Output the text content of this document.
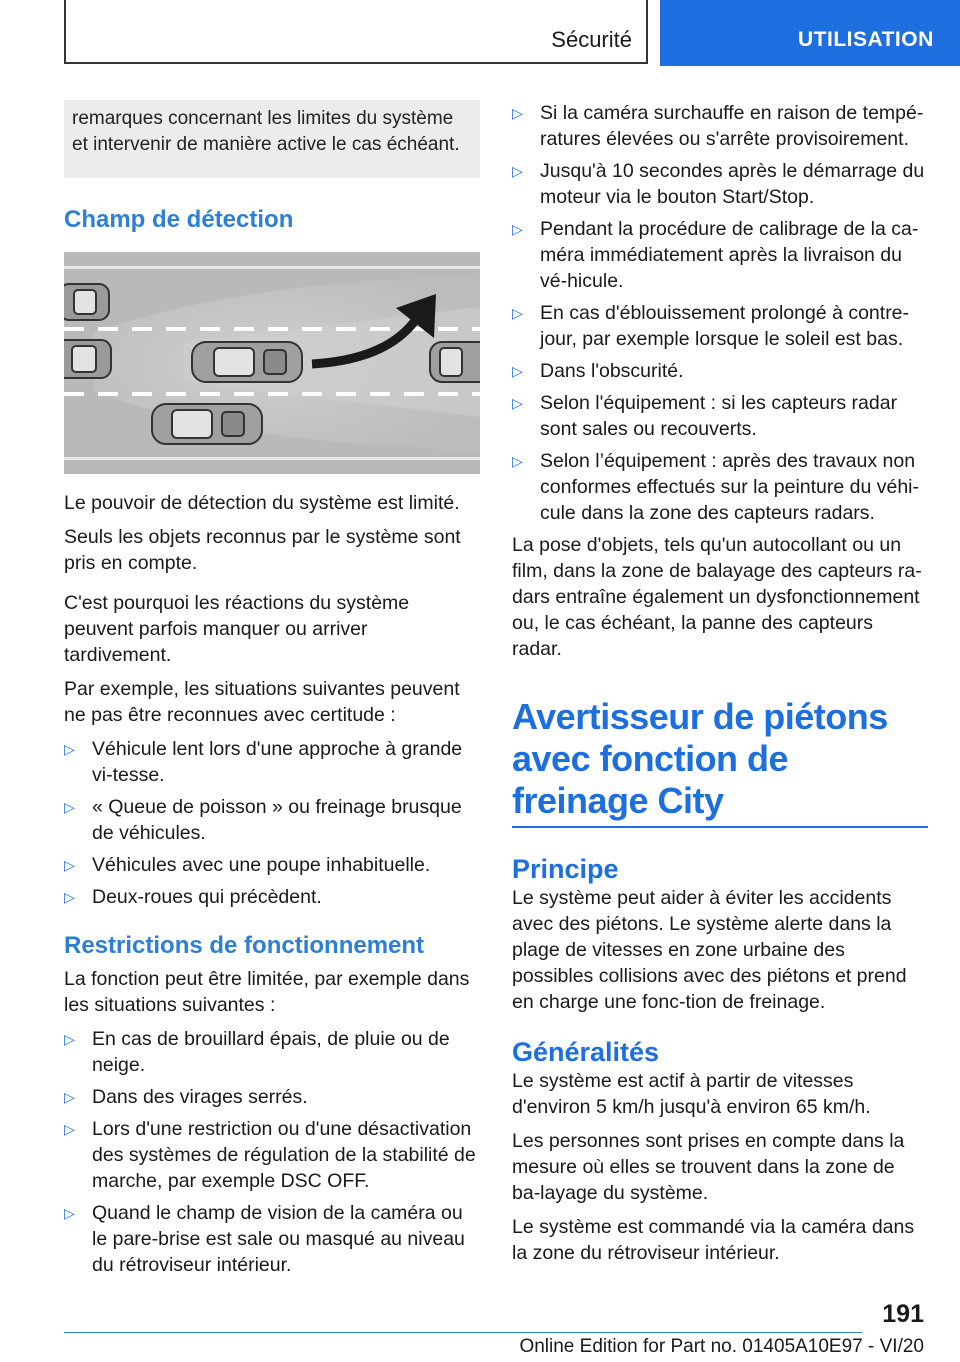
Sécurité	UTILISATION
remarques concernant les limites du système et intervenir de manière active le cas échéant.
Champ de détection

Le pouvoir de détection du système est limité.

Seuls les objets reconnus par le système sont pris en compte.

C'est pourquoi les réactions du système peuvent parfois manquer ou arriver tardivement.

Par exemple, les situations suivantes peuvent ne pas être reconnues avec certitude :

▷ Véhicule lent lors d'une approche à grande vi‐tesse.
▷ « Queue de poisson » ou freinage brusque de véhicules.
▷ Véhicules avec une poupe inhabituelle.
▷ Deux-roues qui précèdent.
Restrictions de fonctionnement

La fonction peut être limitée, par exemple dans les situations suivantes :

▷ En cas de brouillard épais, de pluie ou de neige.
▷ Dans des virages serrés.
▷ Lors d'une restriction ou d'une désactivation des systèmes de régulation de la stabilité de marche, par exemple DSC OFF.
▷ Quand le champ de vision de la caméra ou le pare-brise est sale ou masqué au niveau du rétroviseur intérieur.
▷ Si la caméra surchauffe en raison de tempé‐ratures élevées ou s'arrête provisoirement.
▷ Jusqu'à 10 secondes après le démarrage du moteur via le bouton Start/Stop.
▷ Pendant la procédure de calibrage de la ca‐méra immédiatement après la livraison du vé‐hicule.
▷ En cas d'éblouissement prolongé à contre-jour, par exemple lorsque le soleil est bas.
▷ Dans l'obscurité.
▷ Selon l'équipement : si les capteurs radar sont sales ou recouverts.
▷ Selon l’équipement : après des travaux non conformes effectués sur la peinture du véhi‐cule dans la zone des capteurs radars.

La pose d'objets, tels qu'un autocollant ou un film, dans la zone de balayage des capteurs ra‐dars entraîne également un dysfonctionnement ou, le cas échéant, la panne des capteurs radar.

Avertisseur de piétons avec fonction de freinage City
Principe

Le système peut aider à éviter les accidents avec des piétons. Le système alerte dans la plage de vitesses en zone urbaine des possibles collisions avec des piétons et prend en charge une fonc‐tion de freinage.

Généralités

Le système est actif à partir de vitesses d'environ 5 km/h jusqu'à environ 65 km/h.

Les personnes sont prises en compte dans la mesure où elles se trouvent dans la zone de ba‐layage du système.

Le système est commandé via la caméra dans la zone du rétroviseur intérieur.

191
Online Edition for Part no. 01405A10E97 - VI/20
